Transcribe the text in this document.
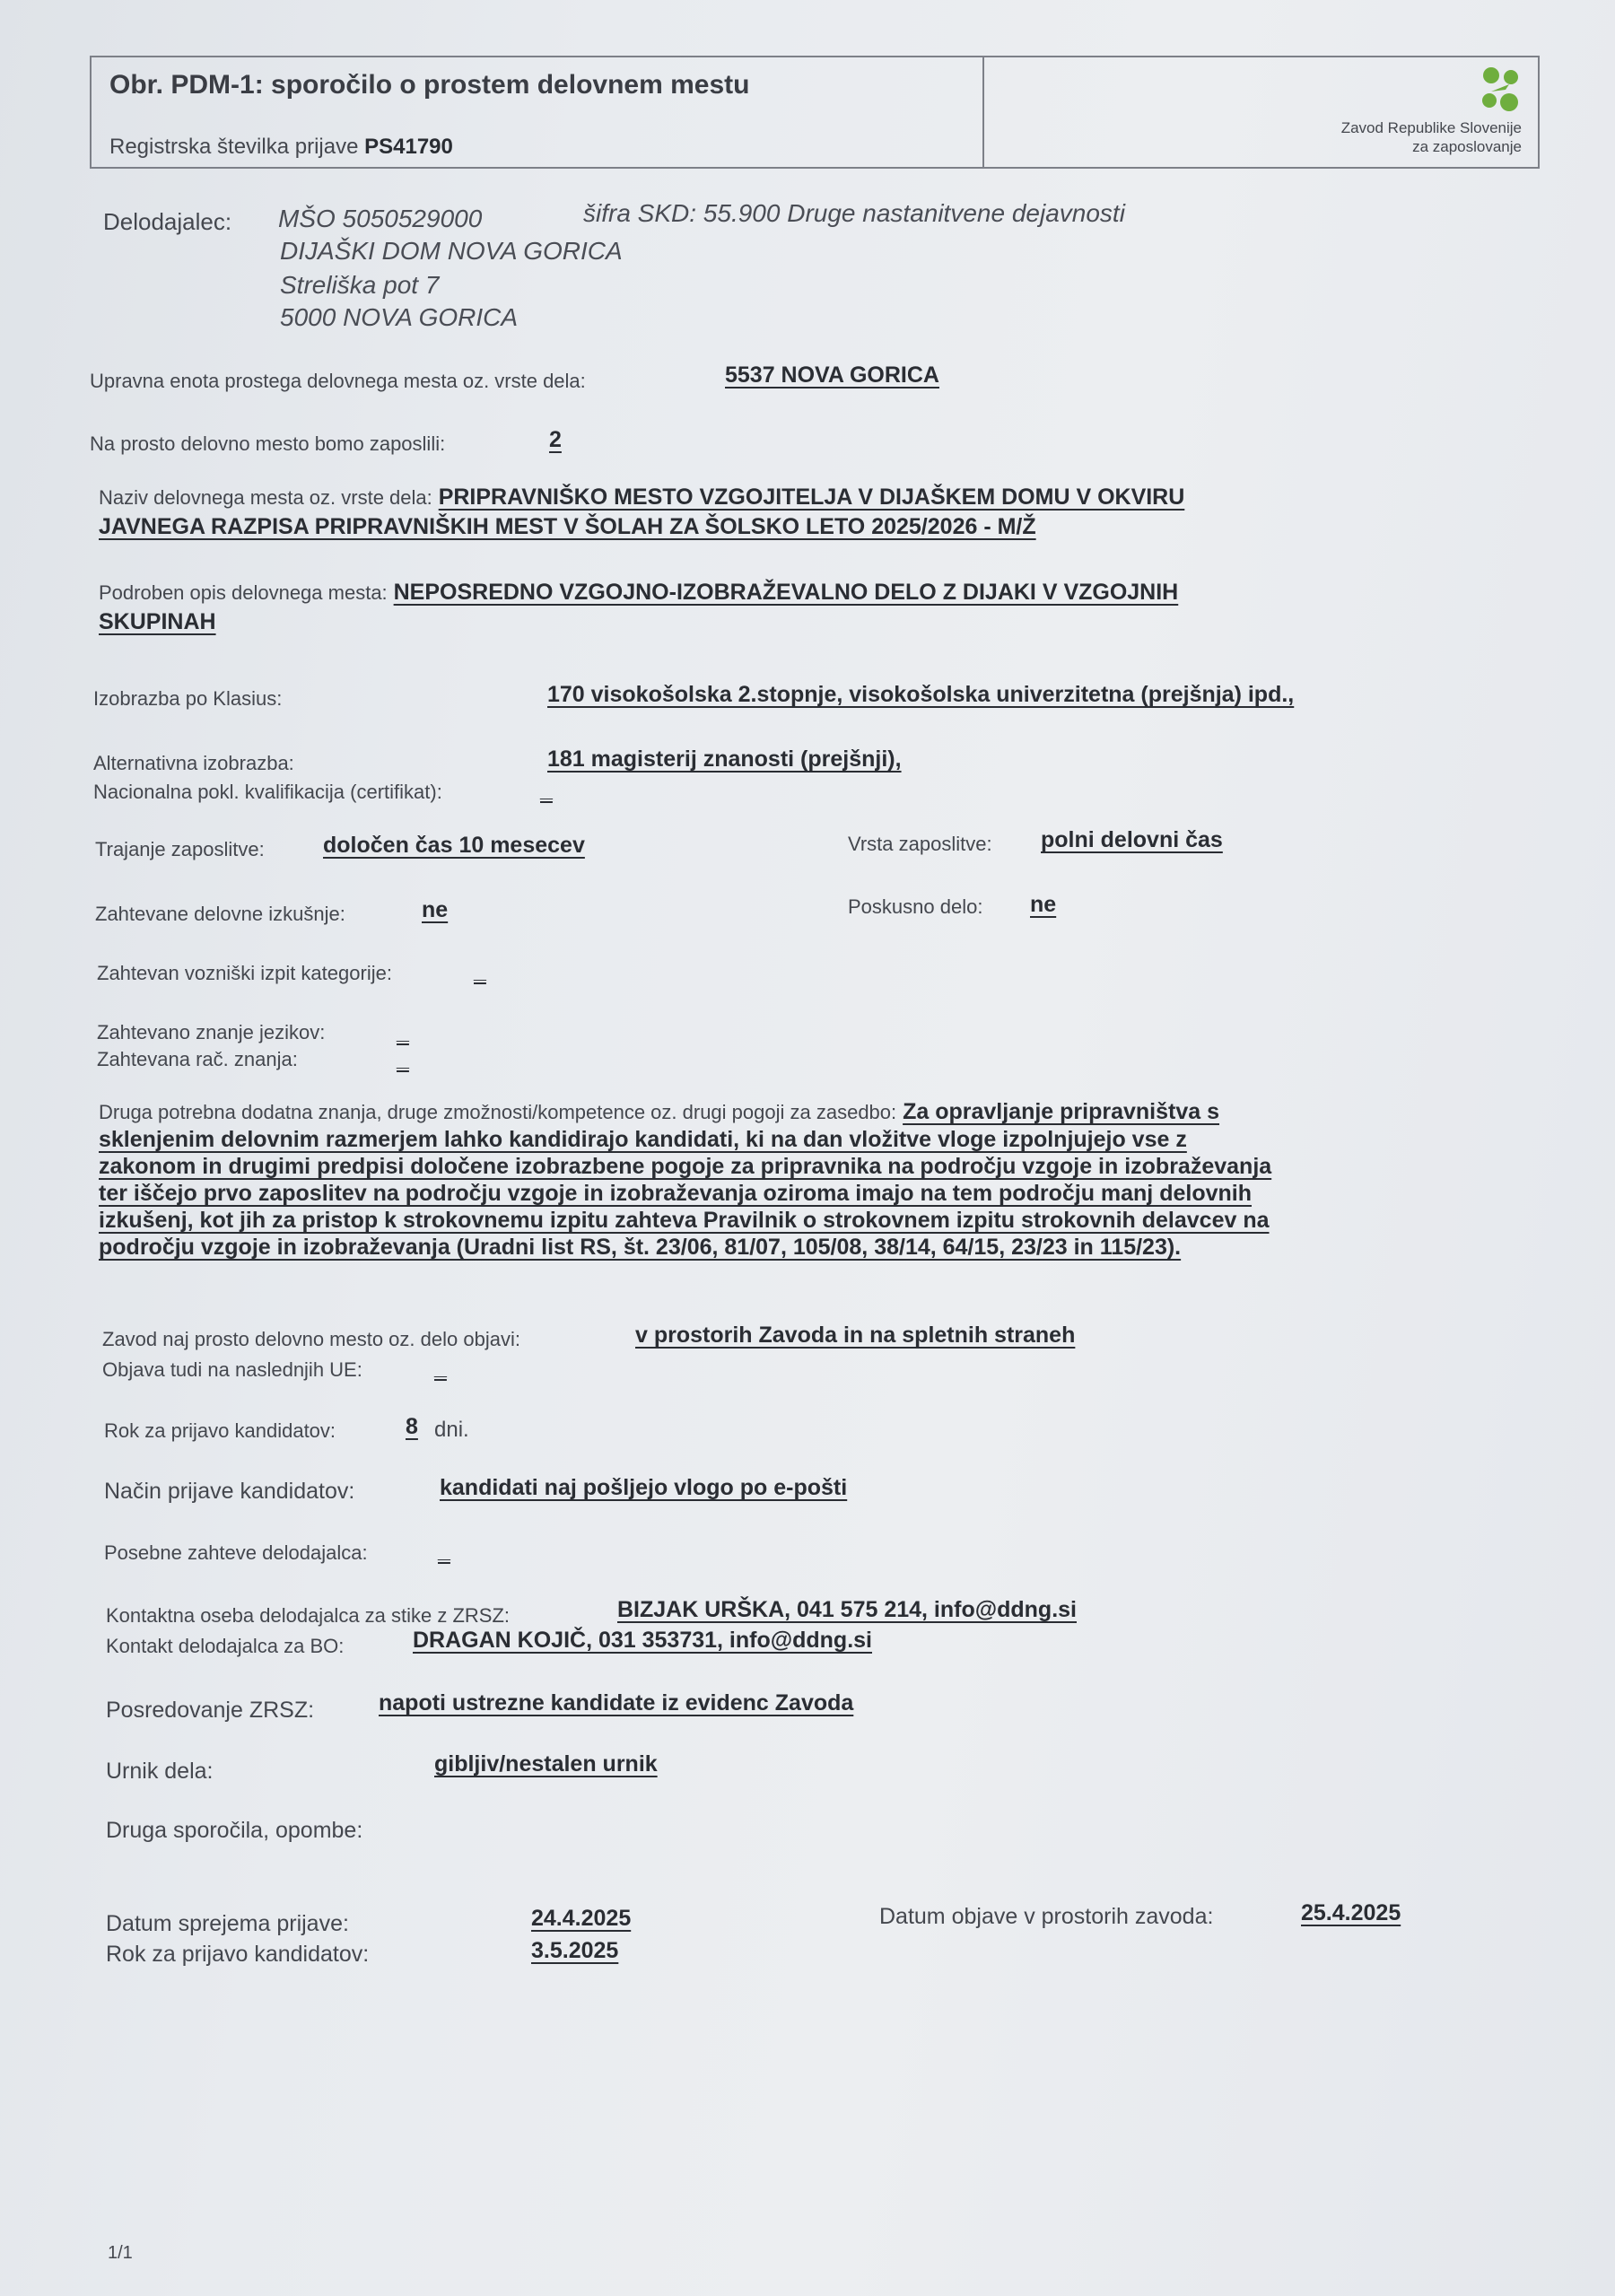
Obr. PDM-1: sporočilo o prostem delovnem mestu
Registrska številka prijave PS41790
Zavod Republike Slovenije
za zaposlovanje
Delodajalec: MŠO 5050529000	šifra SKD: 55.900 Druge nastanitvene dejavnosti
DIJAŠKI DOM NOVA GORICA
Streliška pot 7
5000 NOVA GORICA
Upravna enota prostega delovnega mesta oz. vrste dela:	5537 NOVA GORICA
Na prosto delovno mesto bomo zaposlili:	2
Naziv delovnega mesta oz. vrste dela: PRIPRAVNIŠKO MESTO VZGOJITELJA V DIJAŠKEM DOMU V OKVIRU
JAVNEGA RAZPISA PRIPRAVNIŠKIH MEST V ŠOLAH ZA ŠOLSKO LETO 2025/2026 - M/Ž
Podroben opis delovnega mesta: NEPOSREDNO VZGOJNO-IZOBRAŽEVALNO DELO Z DIJAKI V VZGOJNIH
SKUPINAH
Izobrazba po Klasius:	170 visokošolska 2.stopnje, visokošolska univerzitetna (prejšnja) ipd.,
Alternativna izobrazba:	181 magisterij znanosti (prejšnji),
Nacionalna pokl. kvalifikacija (certifikat):	_
Trajanje zaposlitve:	določen čas 10 mesecev	Vrsta zaposlitve: polni delovni čas
Zahtevane delovne izkušnje:	ne	Poskusno delo: ne
Zahtevan vozniški izpit kategorije:	_
Zahtevano znanje jezikov:	_
Zahtevana rač. znanja:	_
Druga potrebna dodatna znanja, druge zmožnosti/kompetence oz. drugi pogoji za zasedbo: Za opravljanje pripravništva s
sklenjenim delovnim razmerjem lahko kandidirajo kandidati, ki na dan vložitve vloge izpolnjujejo vse z
zakonom in drugimi predpisi določene izobrazbene pogoje za pripravnika na področju vzgoje in izobraževanja
ter iščejo prvo zaposlitev na področju vzgoje in izobraževanja oziroma imajo na tem področju manj delovnih
izkušenj, kot jih za pristop k strokovnemu izpitu zahteva Pravilnik o strokovnem izpitu strokovnih delavcev na
področju vzgoje in izobraževanja (Uradni list RS, št. 23/06, 81/07, 105/08, 38/14, 64/15, 23/23 in 115/23).
Zavod naj prosto delovno mesto oz. delo objavi:	v prostorih Zavoda in na spletnih straneh
Objava tudi na naslednjih UE:	_
Rok za prijavo kandidatov:	8 dni.
Način prijave kandidatov:	kandidati naj pošljejo vlogo po e-pošti
Posebne zahteve delodajalca:	_
Kontaktna oseba delodajalca za stike z ZRSZ:	BIZJAK URŠKA, 041 575 214, info@ddng.si
Kontakt delodajalca za BO:	DRAGAN KOJIČ, 031 353731, info@ddng.si
Posredovanje ZRSZ:	napoti ustrezne kandidate iz evidenc Zavoda
Urnik dela:	gibljiv/nestalen urnik
Druga sporočila, opombe:
Datum sprejema prijave:	24.4.2025
Rok za prijavo kandidatov:	3.5.2025
Datum objave v prostorih zavoda:	25.4.2025
1/1
